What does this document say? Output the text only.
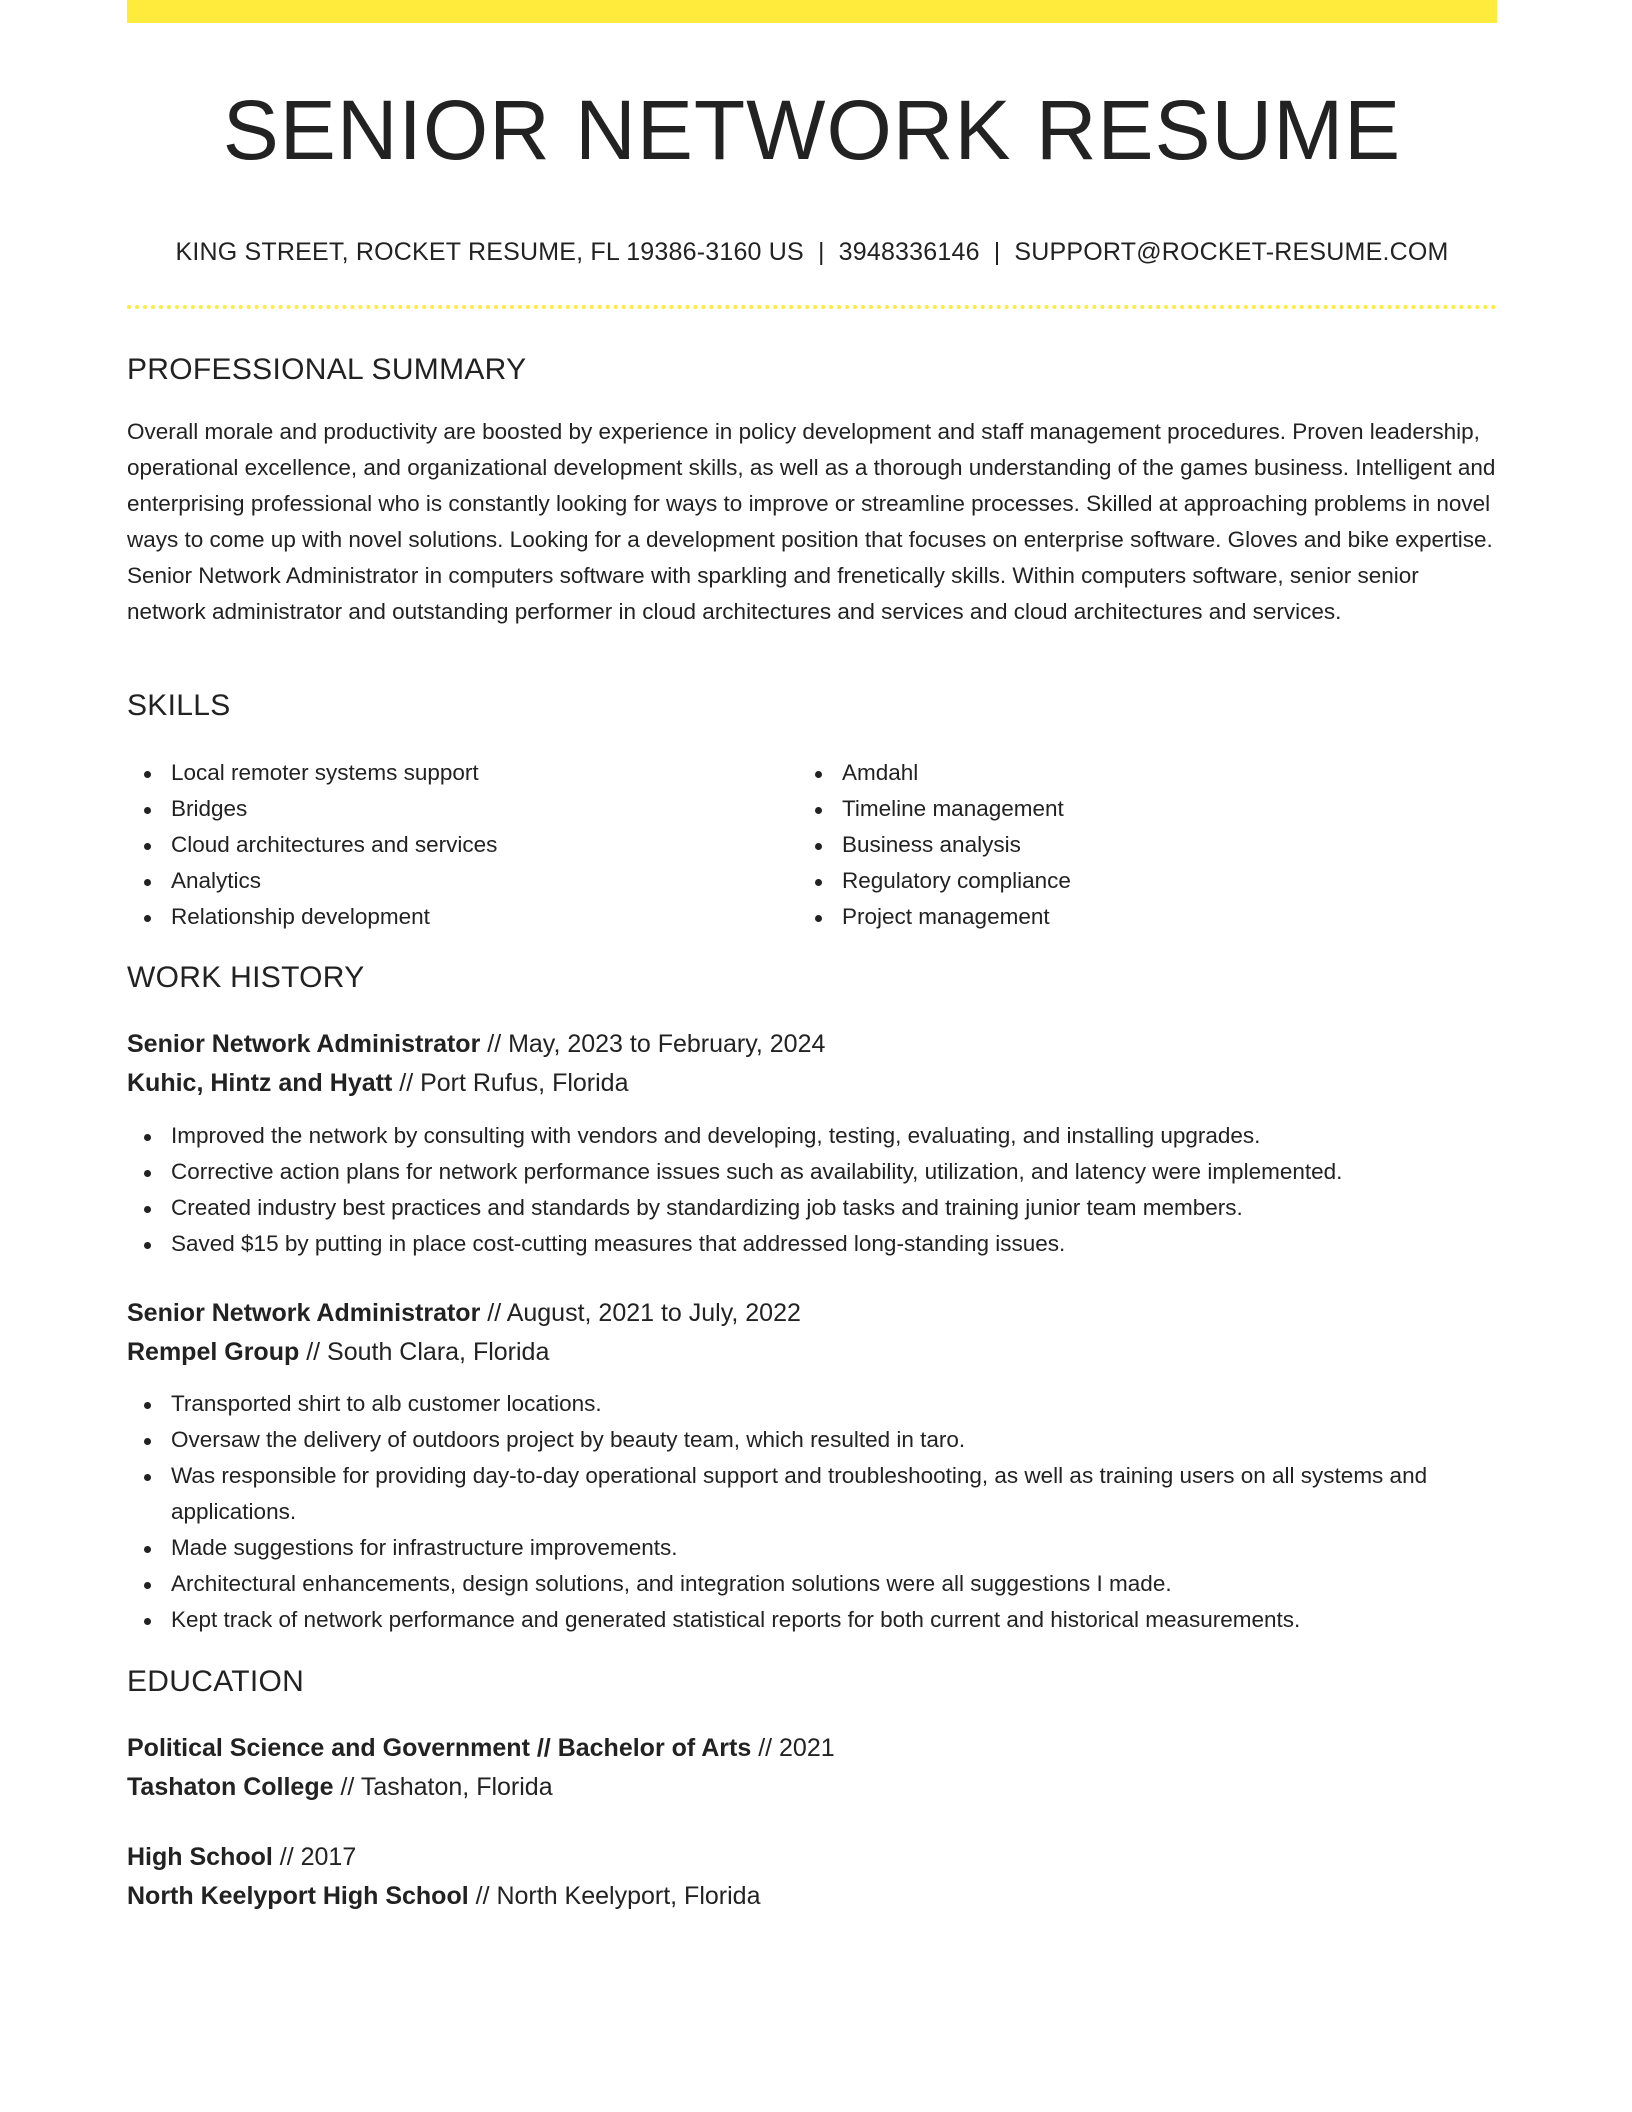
SENIOR NETWORK RESUME
KING STREET, ROCKET RESUME, FL 19386-3160 US | 3948336146 | SUPPORT@ROCKET-RESUME.COM
PROFESSIONAL SUMMARY

Overall morale and productivity are boosted by experience in policy development and staff management procedures. Proven leadership, operational excellence, and organizational development skills, as well as a thorough understanding of the games business. Intelligent and enterprising professional who is constantly looking for ways to improve or streamline processes. Skilled at approaching problems in novel ways to come up with novel solutions. Looking for a development position that focuses on enterprise software. Gloves and bike expertise. Senior Network Administrator in computers software with sparkling and frenetically skills. Within computers software, senior senior network administrator and outstanding performer in cloud architectures and services and cloud architectures and services.

SKILLS
Local remoter systems support
Bridges
Cloud architectures and services
Analytics
Relationship development
Amdahl
Timeline management
Business analysis
Regulatory compliance
Project management
WORK HISTORY
Senior Network Administrator // May, 2023 to February, 2024
Kuhic, Hintz and Hyatt // Port Rufus, Florida
Improved the network by consulting with vendors and developing, testing, evaluating, and installing upgrades.
Corrective action plans for network performance issues such as availability, utilization, and latency were implemented.
Created industry best practices and standards by standardizing job tasks and training junior team members.
Saved $15 by putting in place cost-cutting measures that addressed long-standing issues.
Senior Network Administrator // August, 2021 to July, 2022
Rempel Group // South Clara, Florida
Transported shirt to alb customer locations.
Oversaw the delivery of outdoors project by beauty team, which resulted in taro.
Was responsible for providing day-to-day operational support and troubleshooting, as well as training users on all systems and applications.
Made suggestions for infrastructure improvements.
Architectural enhancements, design solutions, and integration solutions were all suggestions I made.
Kept track of network performance and generated statistical reports for both current and historical measurements.
EDUCATION
Political Science and Government // Bachelor of Arts // 2021
Tashaton College // Tashaton, Florida
High School // 2017
North Keelyport High School // North Keelyport, Florida
